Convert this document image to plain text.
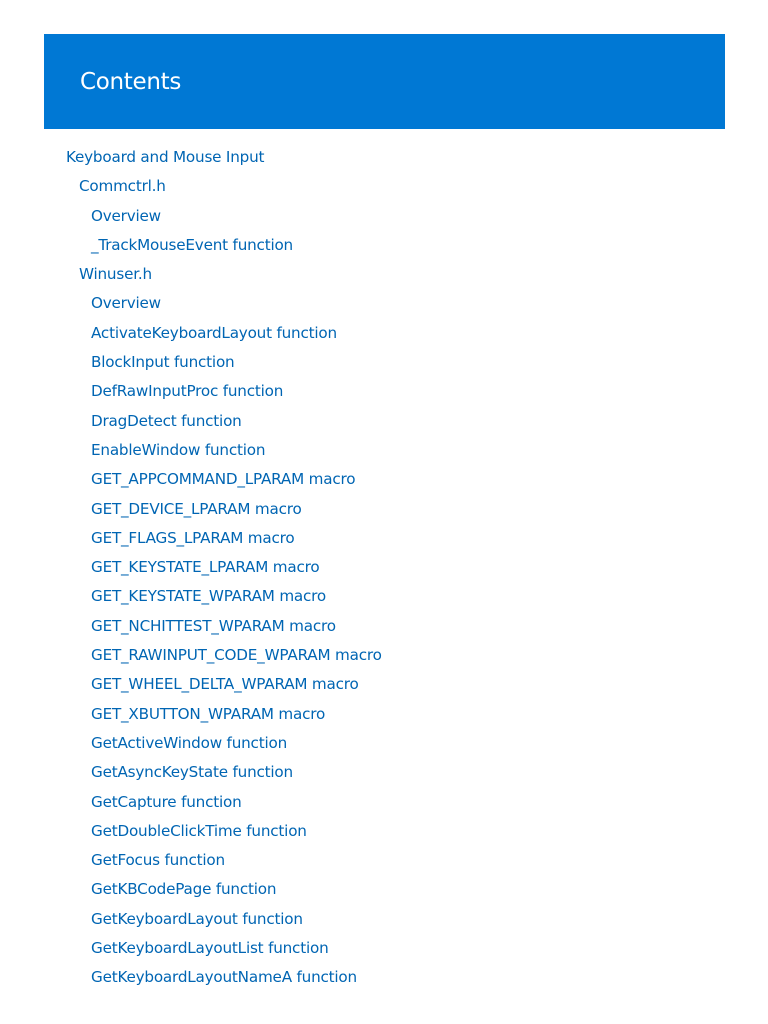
Contents
Keyboard and Mouse Input
Commctrl.h
Overview
_TrackMouseEvent function
Winuser.h
Overview
ActivateKeyboardLayout function
BlockInput function
DefRawInputProc function
DragDetect function
EnableWindow function
GET_APPCOMMAND_LPARAM macro
GET_DEVICE_LPARAM macro
GET_FLAGS_LPARAM macro
GET_KEYSTATE_LPARAM macro
GET_KEYSTATE_WPARAM macro
GET_NCHITTEST_WPARAM macro
GET_RAWINPUT_CODE_WPARAM macro
GET_WHEEL_DELTA_WPARAM macro
GET_XBUTTON_WPARAM macro
GetActiveWindow function
GetAsyncKeyState function
GetCapture function
GetDoubleClickTime function
GetFocus function
GetKBCodePage function
GetKeyboardLayout function
GetKeyboardLayoutList function
GetKeyboardLayoutNameA function
